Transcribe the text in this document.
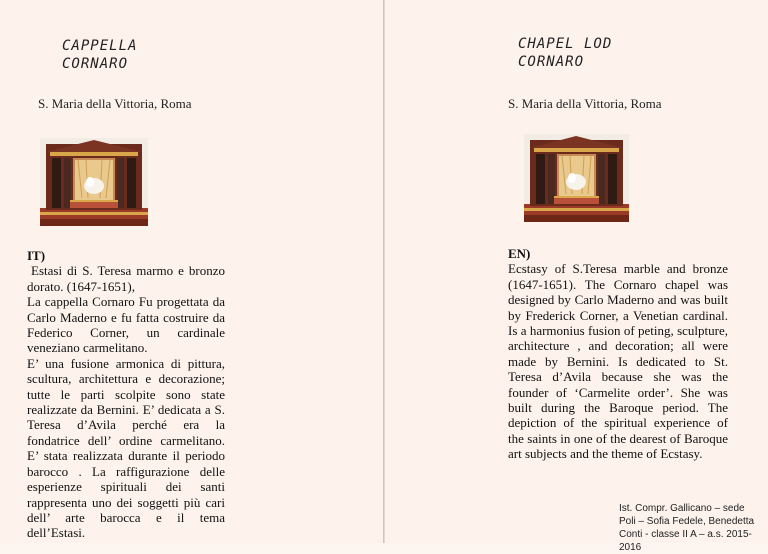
CAPPELLA
CORNARO
S. Maria della Vittoria, Roma
IT)
Estasi di S. Teresa marmo e bronzo dorato. (1647-1651),
La cappella Cornaro Fu progettata da Carlo Maderno e fu fatta costruire da Federico Corner, un cardinale veneziano carmelitano.
E’ una fusione armonica di pittura, scultura, architettura e decorazione; tutte le parti scolpite sono state realizzate da Bernini. E’ dedicata a S. Teresa d’Avila perché era la fondatrice dell’ ordine carmelitano. E’ stata realizzata durante il periodo barocco . La raffigurazione delle esperienze spirituali dei santi rappresenta uno dei soggetti più cari dell’ arte barocca e il tema dell’Estasi.
CHAPEL LOD
CORNARO
S. Maria della Vittoria, Roma
EN)
Ecstasy of S.Teresa marble and bronze (1647-1651). The Cornaro chapel was designed by Carlo Maderno and was built by Frederick Corner, a Venetian cardinal. Is a harmonius fusion of peting, sculpture, architecture , and decoration; all were made by Bernini. Is dedicated to St. Teresa d’Avila because she was the founder of ‘Carmelite order’. She was built during the Baroque period. The depiction of the spiritual experience of the saints in one of the dearest of Baroque art subjects and the theme of Ecstasy.
Ist. Compr. Gallicano – sede Poli – Sofia Fedele, Benedetta Conti - classe II A – a.s. 2015-2016
